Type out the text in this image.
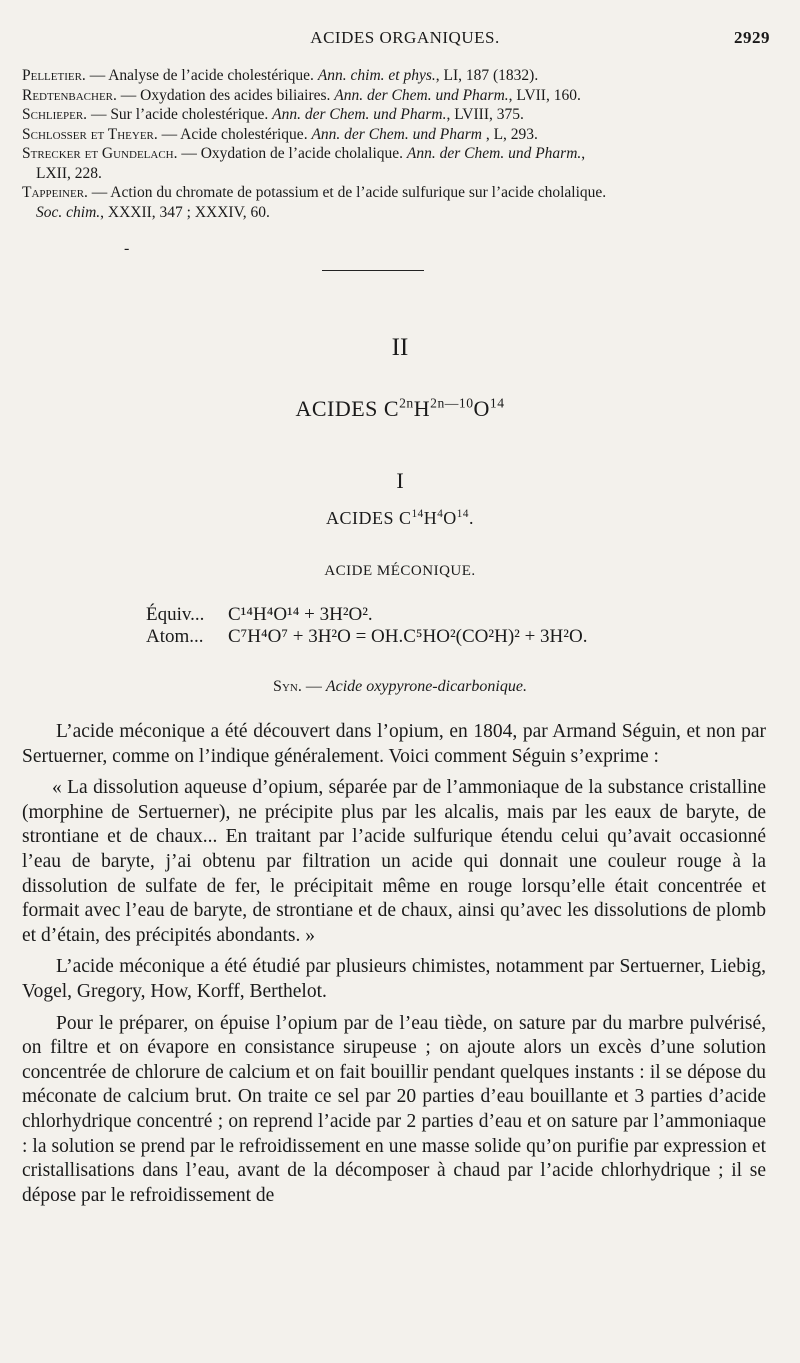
ACIDES ORGANIQUES.	2929

Pelletier. — Analyse de l’acide cholestérique. Ann. chim. et phys., LI, 187 (1832).

Redtenbacher. — Oxydation des acides biliaires. Ann. der Chem. und Pharm., LVII, 160.

Schlieper. — Sur l’acide cholestérique. Ann. der Chem. und Pharm., LVIII, 375.

Schlosser et Theyer. — Acide cholestérique. Ann. der Chem. und Pharm , L, 293.

Strecker et Gundelach. — Oxydation de l’acide cholalique. Ann. der Chem. und Pharm.,
LXII, 228.

Tappeiner. — Action du chromate de potassium et de l’acide sulfurique sur l’acide cholalique.
Soc. chim., XXXII, 347 ; XXXIV, 60.

-
II
ACIDES $C^{2n}H^{2n—10}O^{14}$
I
ACIDES $C^{14}H^4O^{14}$.
ACIDE MÉCONIQUE.
Équiv... C¹⁴H⁴O¹⁴ + 3H²O².
Atom... C⁷H⁴O⁷ + 3H²O = OH.C⁵HO²(CO²H)² + 3H²O.
Syn. — Acide oxypyrone-dicarbonique.

L’acide méconique a été découvert dans l’opium, en 1804, par Armand Séguin, et non par Sertuerner, comme on l’indique généralement. Voici comment Séguin s’exprime :

« La dissolution aqueuse d’opium, séparée par de l’ammoniaque de la substance cristalline (morphine de Sertuerner), ne précipite plus par les alcalis, mais par les eaux de baryte, de strontiane et de chaux... En traitant par l’acide sulfurique étendu celui qu’avait occasionné l’eau de baryte, j’ai obtenu par filtration un acide qui donnait une couleur rouge à la dissolution de sulfate de fer, le précipitait même en rouge lorsqu’elle était concentrée et formait avec l’eau de baryte, de strontiane et de chaux, ainsi qu’avec les dissolutions de plomb et d’étain, des précipités abondants. »

L’acide méconique a été étudié par plusieurs chimistes, notamment par Sertuerner, Liebig, Vogel, Gregory, How, Korff, Berthelot.

Pour le préparer, on épuise l’opium par de l’eau tiède, on sature par du marbre pulvérisé, on filtre et on évapore en consistance sirupeuse ; on ajoute alors un excès d’une solution concentrée de chlorure de calcium et on fait bouillir pendant quelques instants : il se dépose du méconate de calcium brut. On traite ce sel par 20 parties d’eau bouillante et 3 parties d’acide chlorhydrique concentré ; on reprend l’acide par 2 parties d’eau et on sature par l’ammoniaque : la solution se prend par le refroidissement en une masse solide qu’on purifie par expression et cristallisations dans l’eau, avant de la décomposer à chaud par l’acide chlorhydrique ; il se dépose par le refroidissement de
